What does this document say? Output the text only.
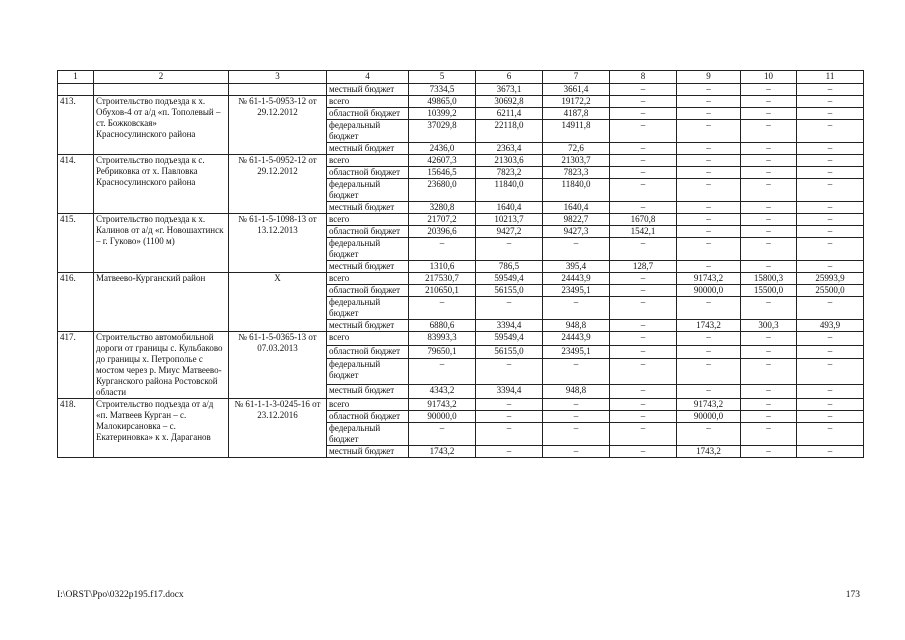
1	2	3	4	5	6	7	8	9	10	11
			местный бюджет	7334,5	3673,1	3661,4	–	–	–	–
413.	Строительство подъезда к х. Обухов-4 от а/д «п. Тополевый – ст. Божковская» Красносулинского района	№ 61-1-5-0953-12 от 29.12.2012	всего	49865,0	30692,8	19172,2	–	–	–	–
			областной бюджет	10399,2	6211,4	4187,8	–	–	–	–
			федеральный бюджет	37029,8	22118,0	14911,8	–	–	–	–
			местный бюджет	2436,0	2363,4	72,6	–	–	–	–
414.	Строительство подъезда к с. Ребриковка от х. Павловка Красносулинского района	№ 61-1-5-0952-12 от 29.12.2012	всего	42607,3	21303,6	21303,7	–	–	–	–
			областной бюджет	15646,5	7823,2	7823,3	–	–	–	–
			федеральный бюджет	23680,0	11840,0	11840,0	–	–	–	–
			местный бюджет	3280,8	1640,4	1640,4	–	–	–	–
415.	Строительство подъезда к х. Калинов от а/д «г. Новошахтинск – г. Гуково» (1100 м)	№ 61-1-5-1098-13 от 13.12.2013	всего	21707,2	10213,7	9822,7	1670,8	–	–	–
			областной бюджет	20396,6	9427,2	9427,3	1542,1	–	–	–
			федеральный бюджет	–	–	–	–	–	–	–
			местный бюджет	1310,6	786,5	395,4	128,7	–	–	–
416.	Матвеево-Курганский район	Х	всего	217530,7	59549,4	24443,9	–	91743,2	15800,3	25993,9
			областной бюджет	210650,1	56155,0	23495,1	–	90000,0	15500,0	25500,0
			федеральный бюджет	–	–	–	–	–	–	–
			местный бюджет	6880,6	3394,4	948,8	–	1743,2	300,3	493,9
417.	Строительство автомобильной дороги от границы с. Кульбаково до границы х. Петрополье с мостом через р. Миус Матвеево-Курганского района Ростовской области	№ 61-1-5-0365-13 от 07.03.2013	всего	83993,3	59549,4	24443,9	–	–	–	–
			областной бюджет	79650,1	56155,0	23495,1	–	–	–	–
			федеральный бюджет	–	–	–	–	–	–	–
			местный бюджет	4343,2	3394,4	948,8	–	–	–	–
418.	Строительство подъезда от а/д «п. Матвеев Курган – с. Малокирсановка – с. Екатериновка» к х. Дараганов	№ 61-1-1-3-0245-16 от 23.12.2016	всего	91743,2	–	–	–	91743,2	–	–
			областной бюджет	90000,0	–	–	–	90000,0	–	–
			федеральный бюджет	–	–	–	–	–	–	–
			местный бюджет	1743,2	–	–	–	1743,2	–	–
I:\ORST\Ppo\0322p195.f17.docx	173
